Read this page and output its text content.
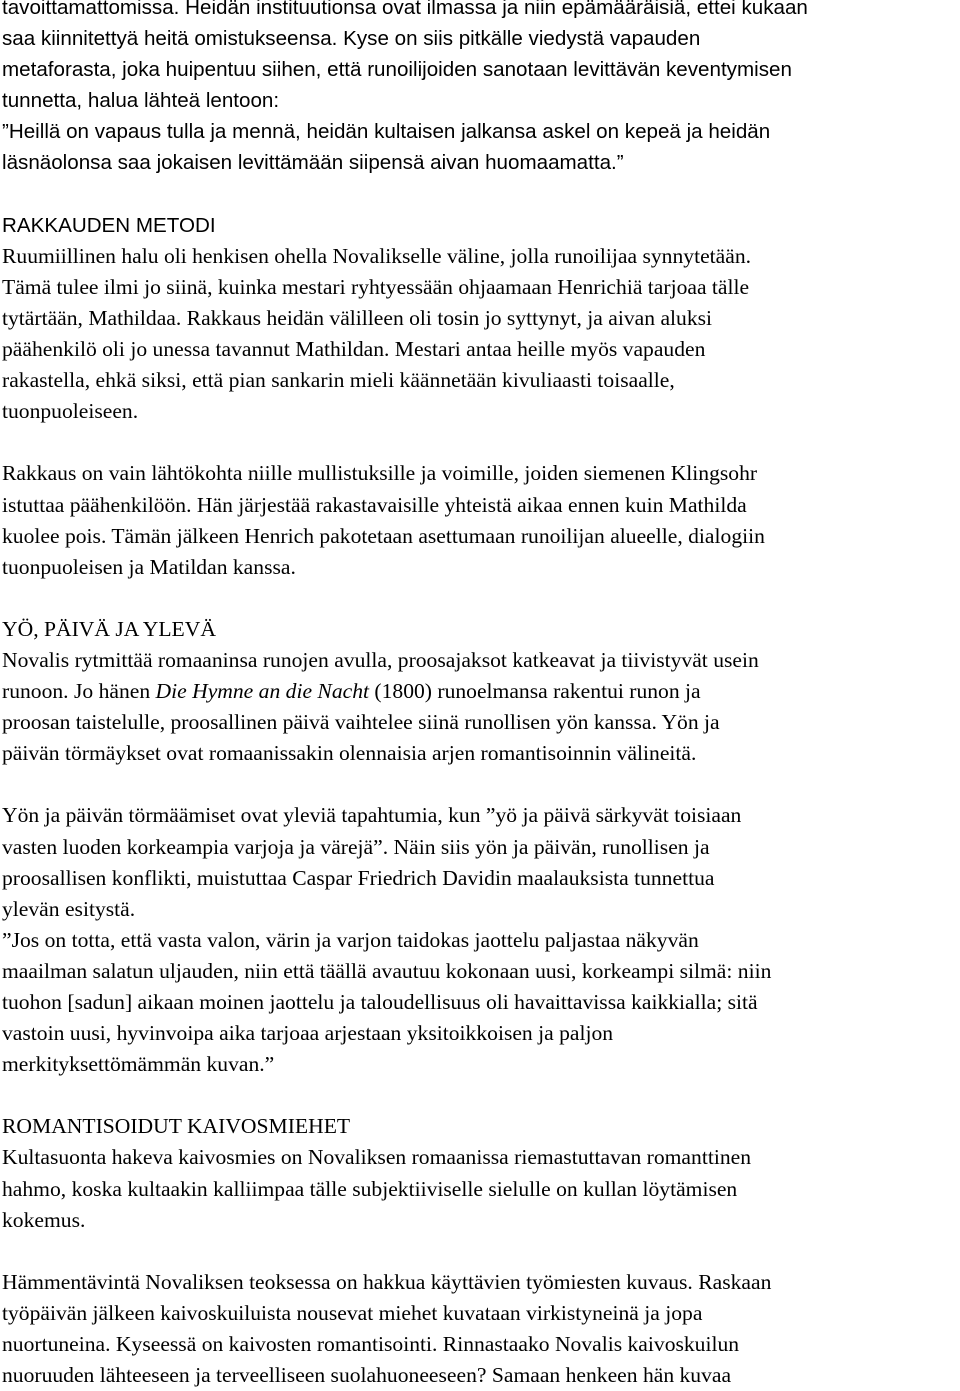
tavoittamattomissa. Heidän instituutionsa ovat ilmassa ja niin epämääräisiä, ettei kukaan
saa kiinnitettyä heitä omistukseensa. Kyse on siis pitkälle viedystä vapauden
metaforasta, joka huipentuu siihen, että runoilijoiden sanotaan levittävän keventymisen
tunnetta, halua lähteä lentoon:
”Heillä on vapaus tulla ja mennä, heidän kultaisen jalkansa askel on kepeä ja heidän
läsnäolonsa saa jokaisen levittämään siipensä aivan huomaamatta.”
RAKKAUDEN METODI
Ruumiillinen halu oli henkisen ohella Novalikselle väline, jolla runoilijaa synnytetään.
Tämä tulee ilmi jo siinä, kuinka mestari ryhtyessään ohjaamaan Henrichiä tarjoaa tälle
tytärtään, Mathildaa. Rakkaus heidän välilleen oli tosin jo syttynyt, ja aivan aluksi
päähenkilö oli jo unessa tavannut Mathildan. Mestari antaa heille myös vapauden
rakastella, ehkä siksi, että pian sankarin mieli käännetään kivuliaasti toisaalle,
tuonpuoleiseen.
Rakkaus on vain lähtökohta niille mullistuksille ja voimille, joiden siemenen Klingsohr
istuttaa päähenkilöön. Hän järjestää rakastavaisille yhteistä aikaa ennen kuin Mathilda
kuolee pois. Tämän jälkeen Henrich pakotetaan asettumaan runoilijan alueelle, dialogiin
tuonpuoleisen ja Matildan kanssa.
YÖ, PÄIVÄ JA YLEVÄ
Novalis rytmittää romaaninsa runojen avulla, proosajaksot katkeavat ja tiivistyvät usein
runoon. Jo hänen Die Hymne an die Nacht (1800) runoelmansa rakentui runon ja
proosan taistelulle, proosallinen päivä vaihtelee siinä runollisen yön kanssa. Yön ja
päivän törmäykset ovat romaanissakin olennaisia arjen romantisoinnin välineitä.
Yön ja päivän törmäämiset ovat yleviä tapahtumia, kun ”yö ja päivä särkyvät toisiaan
vasten luoden korkeampia varjoja ja värejä”. Näin siis yön ja päivän, runollisen ja
proosallisen konflikti, muistuttaa Caspar Friedrich Davidin maalauksista tunnettua
ylevän esitystä.
”Jos on totta, että vasta valon, värin ja varjon taidokas jaottelu paljastaa näkyvän
maailman salatun uljauden, niin että täällä avautuu kokonaan uusi, korkeampi silmä: niin
tuohon [sadun] aikaan moinen jaottelu ja taloudellisuus oli havaittavissa kaikkialla; sitä
vastoin uusi, hyvinvoipa aika tarjoaa arjestaan yksitoikkoisen ja paljon
merkityksettömämmän kuvan.”
ROMANTISOIDUT KAIVOSMIEHET
Kultasuonta hakeva kaivosmies on Novaliksen romaanissa riemastuttavan romanttinen
hahmo, koska kultaakin kalliimpaa tälle subjektiiviselle sielulle on kullan löytämisen
kokemus.
Hämmentävintä Novaliksen teoksessa on hakkua käyttävien työmiesten kuvaus. Raskaan
työpäivän jälkeen kaivoskuiluista nousevat miehet kuvataan virkistyneinä ja jopa
nuortuneina. Kyseessä on kaivosten romantisointi. Rinnastaako Novalis kaivoskuilun
nuoruuden lähteeseen ja terveelliseen suolahuoneeseen? Samaan henkeen hän kuvaa
